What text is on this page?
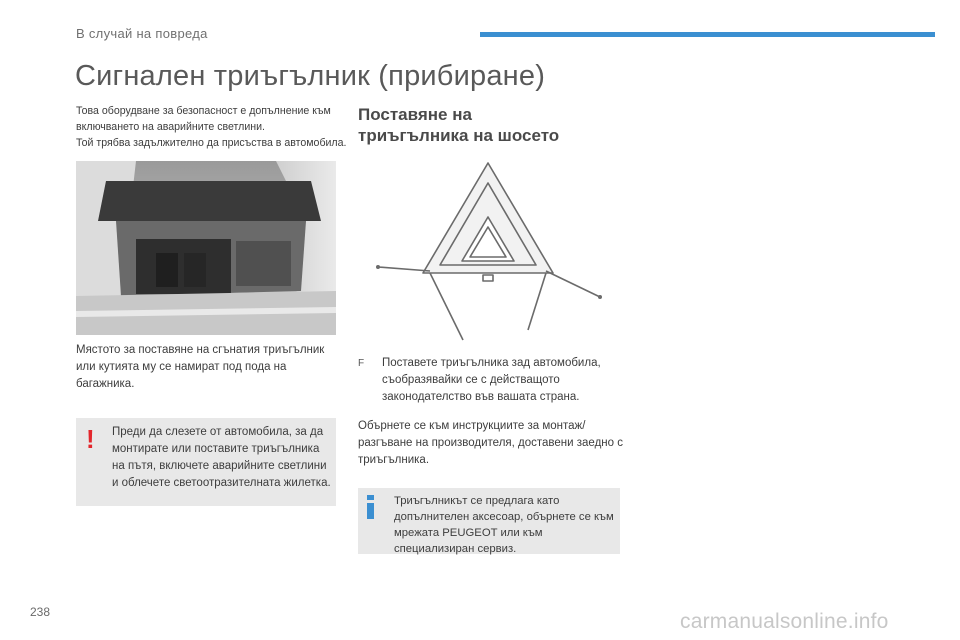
В случай на повреда
Сигнален триъгълник (прибиране)

Това оборудване за безопасност е допълнение към

включването на аварийните светлини.

Той трябва задължително да присъства в автомобила.

Мястото за поставяне на сгънатия триъгълник или кутията му се намират под пода на багажника.
! Преди да слезете от автомобила, за да монтирате или поставите триъгълника на пътя, включете аварийните светлини и облечете светоотразителната жилетка.
Поставяне на
триъгълника на шосето
F Поставете триъгълника зад автомобила, съобразявайки се с действащото законодателство във вашата страна.
Обърнете се към инструкциите за монтаж/разгъване на производителя, доставени заедно с триъгълника.
Триъгълникът се предлага като допълнителен аксесоар, обърнете се към мрежата PEUGEOT или към специализиран сервиз.
238	carmanualsonline.info
